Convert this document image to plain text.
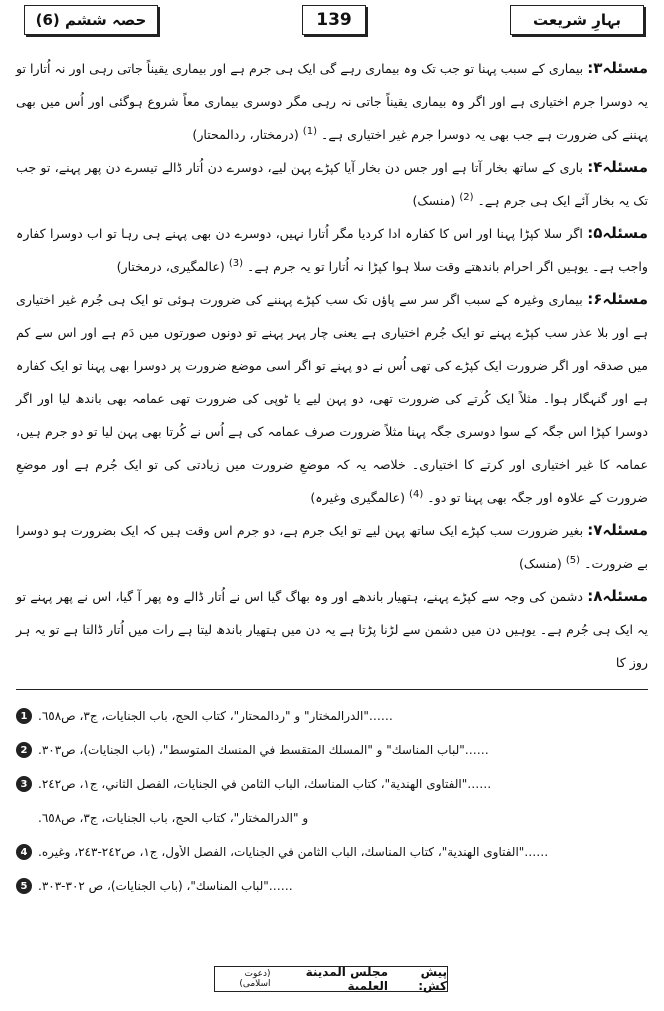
حصہ ششم (6)	139	بہارِ شریعت

مسئلہ۳: بیماری کے سبب پہنا تو جب تک وہ بیماری رہے گی ایک ہی جرم ہے اور بیماری یقیناً جاتی رہی اور نہ اُتارا تو یہ دوسرا جرم اختیاری ہے اور اگر وہ بیماری یقیناً جاتی نہ رہی مگر دوسری بیماری معاً شروع ہوگئی اور اُس میں بھی پہننے کی ضرورت ہے جب بھی یہ دوسرا جرم غیر اختیاری ہے۔ $^{(1)}$ (درمختار، ردالمحتار)

مسئلہ۴: باری کے ساتھ بخار آتا ہے اور جس دن بخار آیا کپڑے پہن لیے، دوسرے دن اُتار ڈالے تیسرے دن پھر پہنے، تو جب تک یہ بخار آئے ایک ہی جرم ہے۔ $^{(2)}$ (منسک)

مسئلہ۵: اگر سلا کپڑا پہنا اور اس کا کفارہ ادا کردیا مگر اُتارا نہیں، دوسرے دن بھی پہنے ہی رہا تو اب دوسرا کفارہ واجب ہے۔ یوہیں اگر احرام باندھتے وقت سلا ہوا کپڑا نہ اُتارا تو یہ جرم ہے۔ $^{(3)}$ (عالمگیری، درمختار)

مسئلہ۶: بیماری وغیرہ کے سبب اگر سر سے پاؤں تک سب کپڑے پہننے کی ضرورت ہوئی تو ایک ہی جُرم غیر اختیاری ہے اور بلا عذر سب کپڑے پہنے تو ایک جُرم اختیاری ہے یعنی چار پہر پہنے تو دونوں صورتوں میں دَم ہے اور اس سے کم میں صدقہ اور اگر ضرورت ایک کپڑے کی تھی اُس نے دو پہنے تو اگر اسی موضع ضرورت پر دوسرا بھی پہنا تو ایک کفارہ ہے اور گنہگار ہوا۔ مثلاً ایک کُرتے کی ضرورت تھی، دو پہن لیے یا ٹوپی کی ضرورت تھی عمامہ بھی باندھ لیا اور اگر دوسرا کپڑا اس جگہ کے سوا دوسری جگہ پہنا مثلاً ضرورت صرف عمامہ کی ہے اُس نے کُرتا بھی پہن لیا تو دو جرم ہیں، عمامہ کا غیر اختیاری اور کرتے کا اختیاری۔ خلاصہ یہ کہ موضعِ ضرورت میں زیادتی کی تو ایک جُرم ہے اور موضعِ ضرورت کے علاوہ اور جگہ بھی پہنا تو دو۔ $^{(4)}$ (عالمگیری وغیرہ)

مسئلہ۷: بغیر ضرورت سب کپڑے ایک ساتھ پہن لیے تو ایک جرم ہے، دو جرم اس وقت ہیں کہ ایک بضرورت ہو دوسرا بے ضرورت۔ $^{(5)}$ (منسک)

مسئلہ۸: دشمن کی وجہ سے کپڑے پہنے، ہتھیار باندھے اور وہ بھاگ گیا اس نے اُتار ڈالے وہ پھر آ گیا، اس نے پھر پہنے تو یہ ایک ہی جُرم ہے۔ یوہیں دن میں دشمن سے لڑنا پڑتا ہے یہ دن میں ہتھیار باندھ لیتا ہے رات میں اُتار ڈالتا ہے تو یہ ہر روز کا

1 ……"الدرالمختار" و "ردالمحتار"، كتاب الحج، باب الجنايات، ج٣، ص٦٥٨.
2 ……"لباب المناسك" و "المسلك المتقسط في المنسك المتوسط"، (باب الجنايات)، ص٣٠٣.
3 ……"الفتاوى الهندية"، كتاب المناسك، الباب الثامن في الجنايات، الفصل الثاني، ج١، ص٢٤٢.
و "الدرالمختار"، كتاب الحج، باب الجنايات، ج٣، ص٦٥٨.
4 ……"الفتاوى الهندية"، كتاب المناسك، الباب الثامن في الجنايات، الفصل الأول، ج١، ص٢٤٢-٢٤٣، وغيره.
5 ……"لباب المناسك"، (باب الجنايات)، ص ٣٠٢-٣٠٣.
پیش کش:

مجلس المدينة العلمية
(دعوت اسلامی)
